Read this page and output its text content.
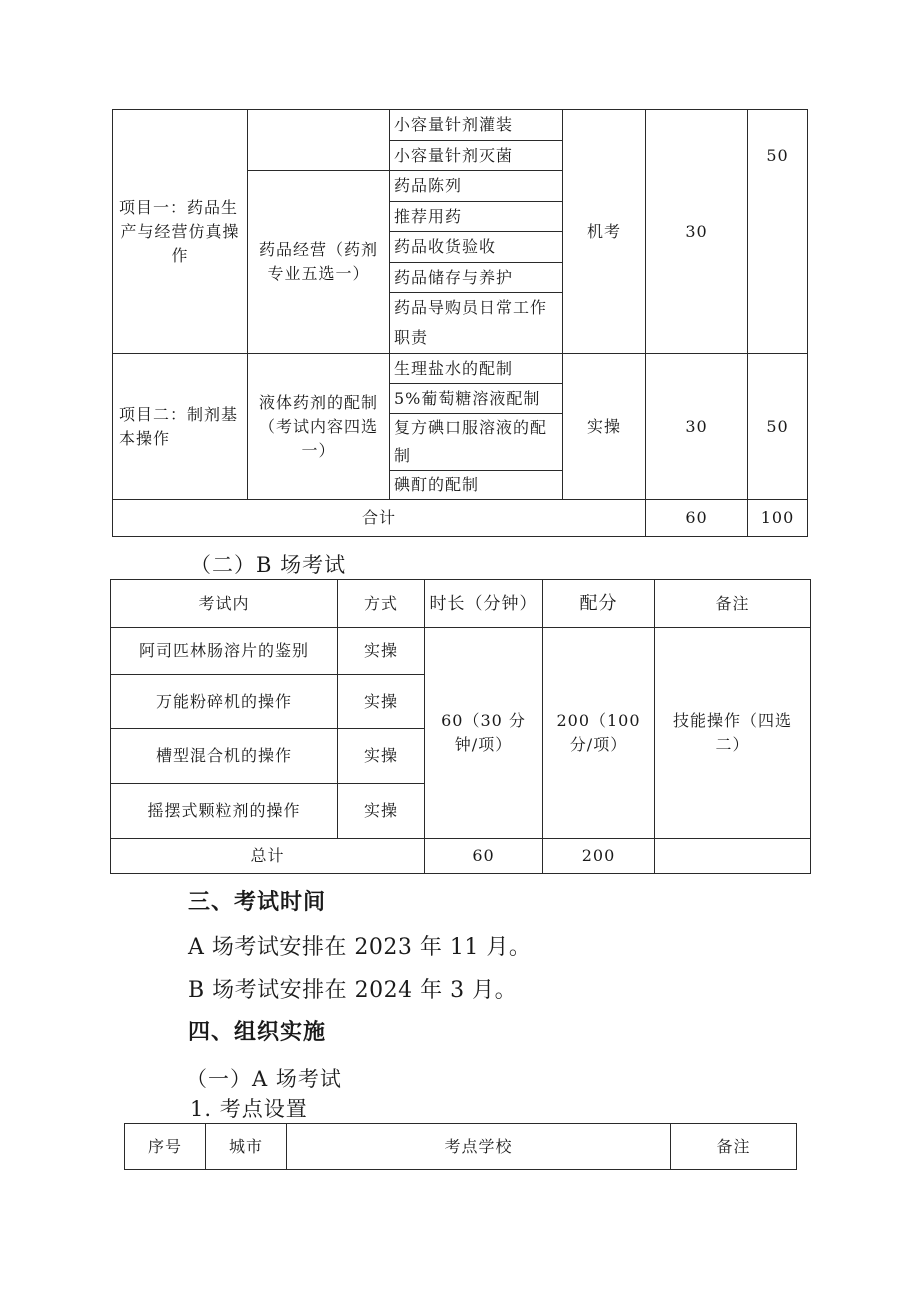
项目一：药品生
产与经营仿真操作		小容量针剂灌装	机考	30	50
		小容量针剂灭菌			
	药品经营（药剂专业五选一）	药品陈列			
		推荐用药			
		药品收货验收			
		药品储存与养护			
		药品导购员日常工作职责			

项目二：制剂基
本操作	液体药剂的配制（考试内容四选一）	生理盐水的配制	实操	30	50
		5%葡萄糖溶液配制			
		复方碘口服溶液的配制			

		碘酊的配制			
合计				60	100
（二）B 场考试
考试内	方式	时长（分钟）	配分	备注
阿司匹林肠溶片的鉴别	实操	60（30 分钟/项）	200（100 分/项）	技能操作（四选二）
万能粉碎机的操作	实操			
槽型混合机的操作	实操			
摇摆式颗粒剂的操作	实操			
总计		60	200	
三、考试时间
A 场考试安排在 2023 年 11 月。
B 场考试安排在 2024 年 3 月。
四、组织实施
（一）A 场考试
1. 考点设置
序号	城市	考点学校	备注
